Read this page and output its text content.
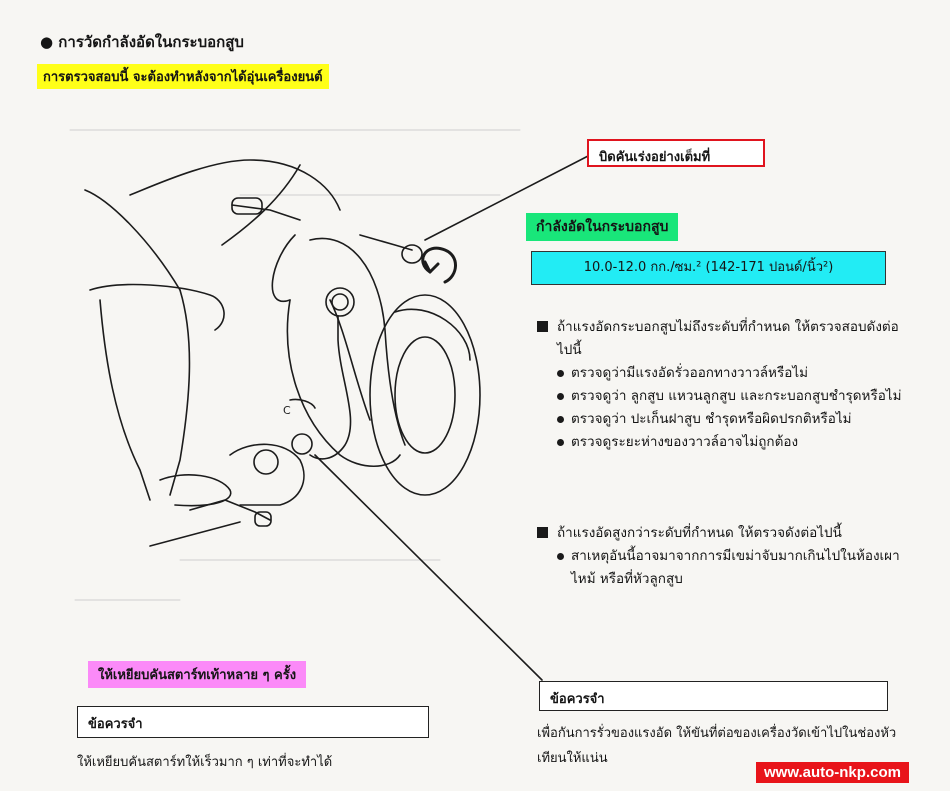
● การวัดกำลังอัดในกระบอกสูบ
การตรวจสอบนี้ จะต้องทำหลังจากได้อุ่นเครื่องยนต์
C
บิดคันเร่งอย่างเต็มที่
กำลังอัดในกระบอกสูบ
10.0-12.0 กก./ซม.² (142-171 ปอนด์/นิ้ว²)
ถ้าแรงอัดกระบอกสูบไม่ถึงระดับที่กำหนด ให้ตรวจสอบดังต่อไปนี้
ตรวจดูว่ามีแรงอัดรั่วออกทางวาวล์หรือไม่
ตรวจดูว่า ลูกสูบ แหวนลูกสูบ และกระบอกสูบชำรุดหรือไม่
ตรวจดูว่า ปะเก็นฝาสูบ ชำรุดหรือผิดปรกติหรือไม่
ตรวจดูระยะห่างของวาวล์อาจไม่ถูกต้อง
ถ้าแรงอัดสูงกว่าระดับที่กำหนด ให้ตรวจดังต่อไปนี้
สาเหตุอันนี้อาจมาจากการมีเขม่าจับมากเกินไปในห้องเผาไหม้ หรือที่หัวลูกสูบ
ให้เหยียบคันสตาร์ทเท้าหลาย ๆ ครั้ง
ข้อควรจำ
ให้เหยียบคันสตาร์ทให้เร็วมาก ๆ เท่าที่จะทำได้
ข้อควรจำ
เพื่อกันการรั่วของแรงอัด ให้ขันที่ต่อของเครื่องวัดเข้าไปในช่องหัวเทียนให้แน่น
www.auto-nkp.com
